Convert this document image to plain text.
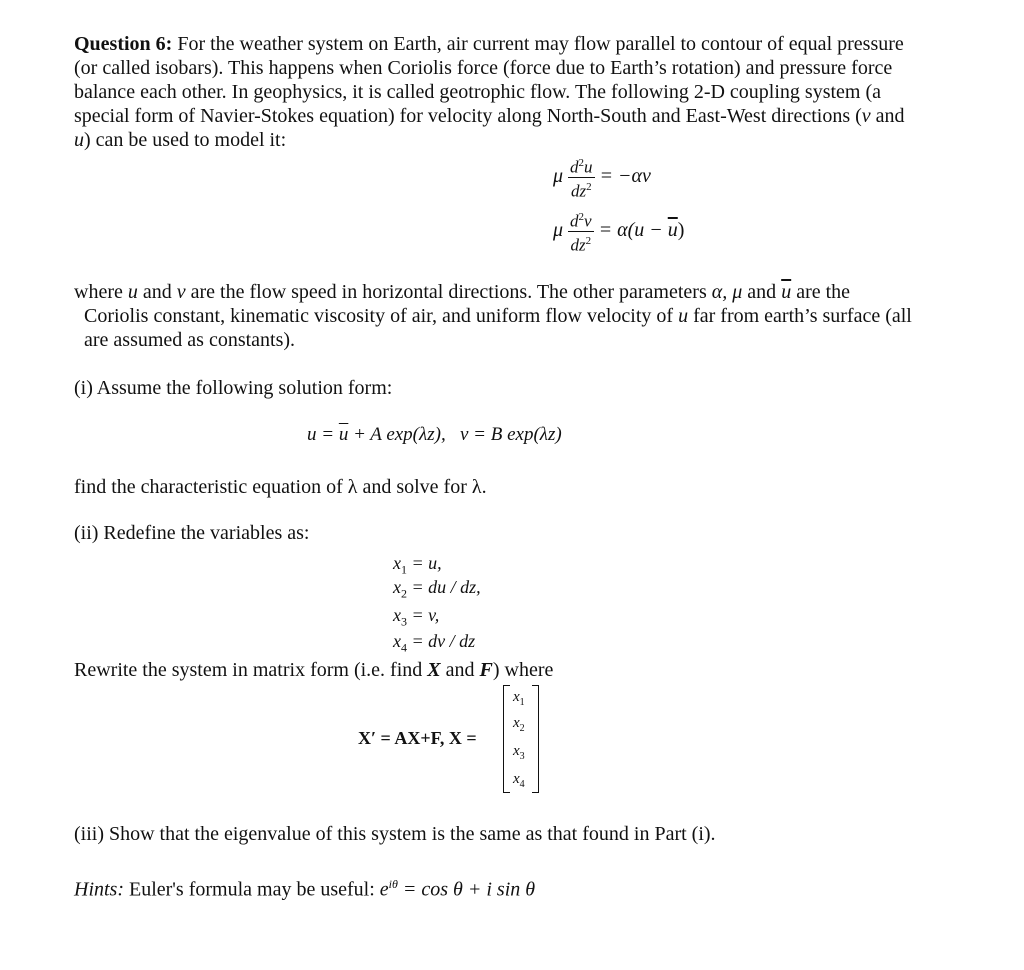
Question 6: For the weather system on Earth, air current may flow parallel to contour of equal pressure
(or called isobars). This happens when Coriolis force (force due to Earth’s rotation) and pressure force
balance each other. In geophysics, it is called geotrophic flow. The following 2-D coupling system (a
special form of Navier-Stokes equation) for velocity along North-South and East-West directions (v and
u) can be used to model it:
μ $\frac{d^2u}{dz^2} = -\alpha v$
μ $\frac{d^2v}{dz^2} = \alpha(u - \overline{u})$
where u and v are the flow speed in horizontal directions. The other parameters α, μ and $\overline{u}$ are the
Coriolis constant, kinematic viscosity of air, and uniform flow velocity of u far from earth’s surface (all
are assumed as constants).
(i) Assume the following solution form:
$u = \overline{u} + A$ exp(λz), v = B exp(λz)
find the characteristic equation of λ and solve for λ.
(ii) Redefine the variables as:
$x_1 = u$,
$x_2$ = du / dz,
$x_3 = v$,
$x_4$ = dv / dz
Rewrite the system in matrix form (i.e. find X and F) where
X′ = AX+F, X =
$x_1$
$x_2$
$x_3$
$x_4$
(iii) Show that the eigenvalue of this system is the same as that found in Part (i).
Hints: Euler's formula may be useful: $e^{i\theta} = \cos \theta + i$ sin θ
